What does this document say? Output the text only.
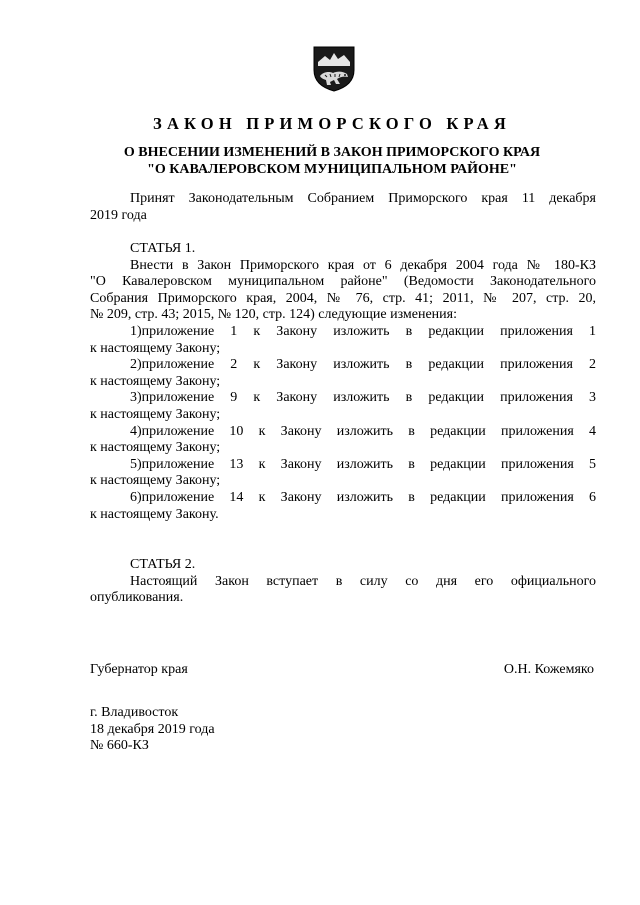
ЗАКОН ПРИМОРСКОГО КРАЯ
О ВНЕСЕНИИ ИЗМЕНЕНИЙ В ЗАКОН ПРИМОРСКОГО КРАЯ
"О КАВАЛЕРОВСКОМ МУНИЦИПАЛЬНОМ РАЙОНЕ"
Принят Законодательным Собранием Приморского края 11 декабря
2019 года
СТАТЬЯ 1.
Внести в Закон Приморского края от 6 декабря 2004 года № 180-КЗ
"О Кавалеровском муниципальном районе" (Ведомости Законодательного
Собрания Приморского края, 2004, № 76, стр. 41; 2011, № 207, стр. 20,
№ 209, стр. 43; 2015, № 120, стр. 124) следующие изменения:
1)приложение 1 к Закону изложить в редакции приложения 1
к настоящему Закону;
2)приложение 2 к Закону изложить в редакции приложения 2
к настоящему Закону;
3)приложение 9 к Закону изложить в редакции приложения 3
к настоящему Закону;
4)приложение 10 к Закону изложить в редакции приложения 4
к настоящему Закону;
5)приложение 13 к Закону изложить в редакции приложения 5
к настоящему Закону;
6)приложение 14 к Закону изложить в редакции приложения 6
к настоящему Закону.
СТАТЬЯ 2.
Настоящий Закон вступает в силу со дня его официального
опубликования.

Губернатор края	О.Н. Кожемяко

г. Владивосток
18 декабря 2019 года
№ 660-КЗ
